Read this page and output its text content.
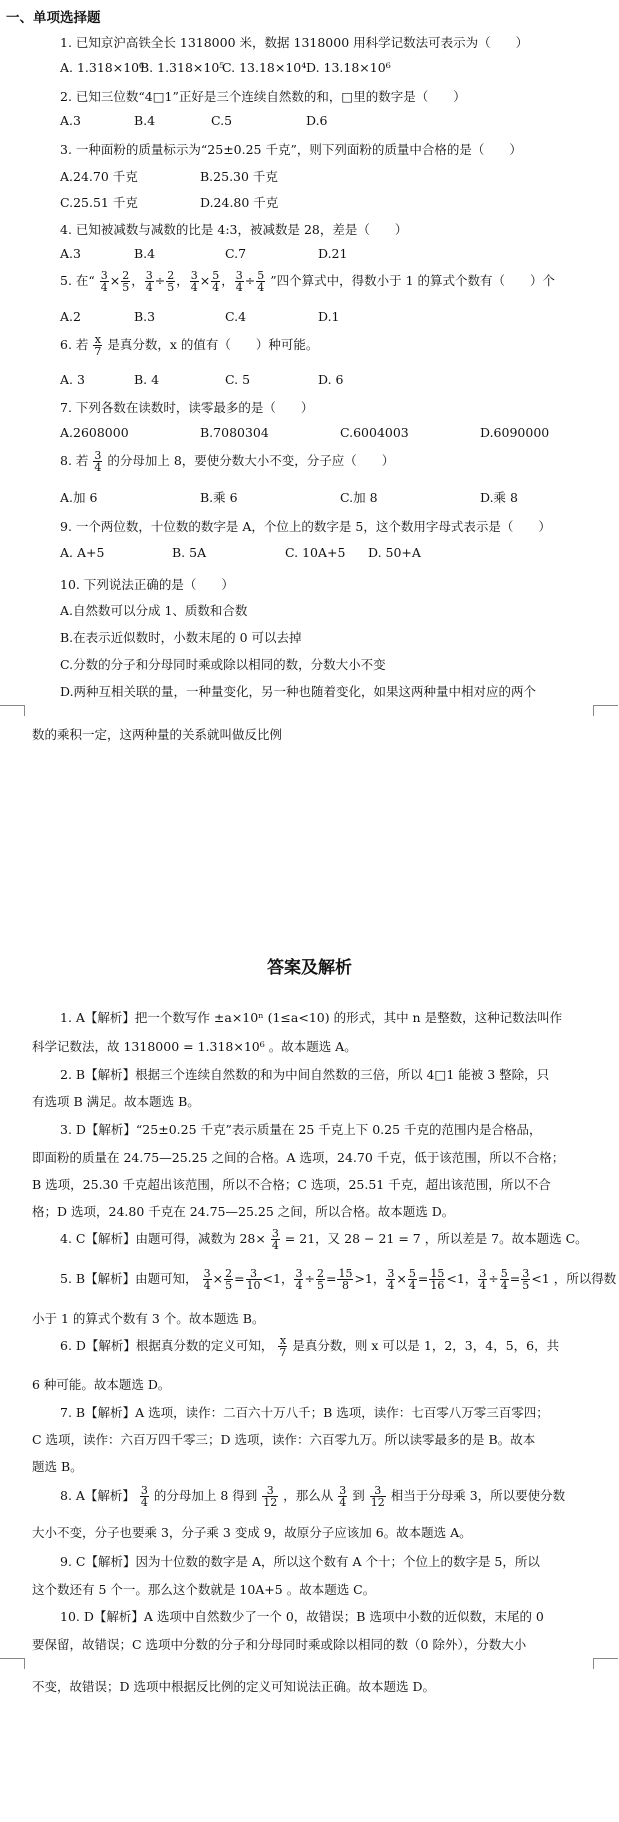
一、单项选择题
1. 已知京沪高铁全长 1318000 米，数据 1318000 用科学记数法可表示为（　　）
A. 1.318×10⁶
B. 1.318×10⁵
C. 13.18×10⁴ D. 13.18×10⁶
2. 已知三位数“4□1”正好是三个连续自然数的和，□里的数字是（　　）
A.3	B.4	C.5	D.6
3. 一种面粉的质量标示为“25±0.25 千克”，则下列面粉的质量中合格的是（　　）
A.24.70 千克	B.25.30 千克
C.25.51 千克	D.24.80 千克
4. 已知被减数与减数的比是 4:3，被减数是 28，差是（　　）
A.3	B.4	C.7	D.21
5. 在“ $\frac{3}{4} \times \frac{2}{5}$ ， $\frac{3}{4} \div \frac{2}{5}$ ， $\frac{3}{4} \times \frac{5}{4}$ ， $\frac{3}{4} \div \frac{5}{4}$ ”四个算式中，得数小于 1 的算式个数有（　　）个
A.2	B.3	C.4	D.1
6. 若 $\frac{x}{7}$ 是真分数，x 的值有（　　）种可能。
A. 3	B. 4	C. 5	D. 6
7. 下列各数在读数时，读零最多的是（　　）
A.2608000	B.7080304	C.6004003	D.6090000
8. 若 $\frac{3}{4}$ 的分母加上 8，要使分数大小不变，分子应（　　）
A.加 6	B.乘 6	C.加 8	D.乘 8
9. 一个两位数，十位数的数字是 A，个位上的数字是 5，这个数用字母式表示是（　　）
A. A+5	B. 5A	C. 10A+5 D. 50+A
10. 下列说法正确的是（　　）
A.自然数可以分成 1、质数和合数
B.在表示近似数时，小数末尾的 0 可以去掉
C.分数的分子和分母同时乘或除以相同的数，分数大小不变
D.两种互相关联的量，一种量变化，另一种也随着变化，如果这两种量中相对应的两个
数的乘积一定，这两种量的关系就叫做反比例
答案及解析
1. A【解析】把一个数写作 ±a×10ⁿ (1≤a<10) 的形式，其中 n 是整数，这种记数法叫作
科学记数法，故 1318000 = 1.318×10⁶ 。故本题选 A。
2. B【解析】根据三个连续自然数的和为中间自然数的三倍，所以 4□1 能被 3 整除，只
有选项 B 满足。故本题选 B。
3. D【解析】“25±0.25 千克”表示质量在 25 千克上下 0.25 千克的范围内是合格品，
即面粉的质量在 24.75—25.25 之间的合格。A 选项，24.70 千克，低于该范围，所以不合格；
B 选项，25.30 千克超出该范围，所以不合格；C 选项，25.51 千克，超出该范围，所以不合
格；D 选项，24.80 千克在 24.75—25.25 之间，所以合格。故本题选 D。
4. C【解析】由题可得，减数为 $28\times \frac{3}{4} = 21$，又 28 − 21 = 7 ，所以差是 7。故本题选 C。
5. B【解析】由题可知， $\frac{3}{4} \times \frac{2}{5} = \frac{3}{10} <1$， $\frac{3}{4} \div \frac{2}{5} = \frac{15}{8} >1$， $\frac{3}{4} \times \frac{5}{4} = \frac{15}{16} <1$， $\frac{3}{4} \div \frac{5}{4} = \frac{3}{5} <1$ ，所以得数
小于 1 的算式个数有 3 个。故本题选 B。
6. D【解析】根据真分数的定义可知， $\frac{x}{7}$ 是真分数，则 x 可以是 1，2，3，4，5，6，共
6 种可能。故本题选 D。
7. B【解析】A 选项，读作：二百六十万八千；B 选项，读作：七百零八万零三百零四；
C 选项，读作：六百万四千零三；D 选项，读作：六百零九万。所以读零最多的是 B。故本
题选 B。
8. A【解析】 $\frac{3}{4}$ 的分母加上 8 得到 $\frac{3}{12}$ ，那么从 $\frac{3}{4}$ 到 $\frac{3}{12}$ 相当于分母乘 3，所以要使分数
大小不变，分子也要乘 3，分子乘 3 变成 9，故原分子应该加 6。故本题选 A。
9. C【解析】因为十位数的数字是 A，所以这个数有 A 个十；个位上的数字是 5，所以
这个数还有 5 个一。那么这个数就是 10A+5 。故本题选 C。
10. D【解析】A 选项中自然数少了一个 0，故错误；B 选项中小数的近似数，末尾的 0
要保留，故错误；C 选项中分数的分子和分母同时乘或除以相同的数（0 除外），分数大小
不变，故错误；D 选项中根据反比例的定义可知说法正确。故本题选 D。
